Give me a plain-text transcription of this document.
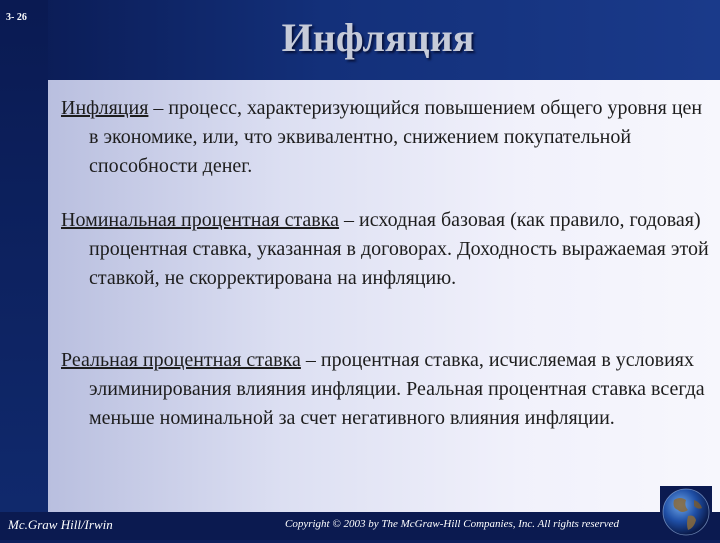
3- 26	Инфляция
Инфляция – процесс, характеризующийся повышением общего уровня цен в экономике, или, что эквивалентно, снижением покупательной способности денег.
Номинальная процентная ставка – исходная базовая (как правило, годовая) процентная ставка, указанная в договорах. Доходность выражаемая этой ставкой, не скорректирована на инфляцию.
Реальная процентная ставка – процентная ставка, исчисляемая в условиях элиминирования влияния инфляции. Реальная процентная ставка всегда меньше номинальной за счет негативного влияния инфляции.
Mc.Graw Hill/Irwin	Copyright © 2003 by The McGraw-Hill Companies, Inc. All rights reserved
